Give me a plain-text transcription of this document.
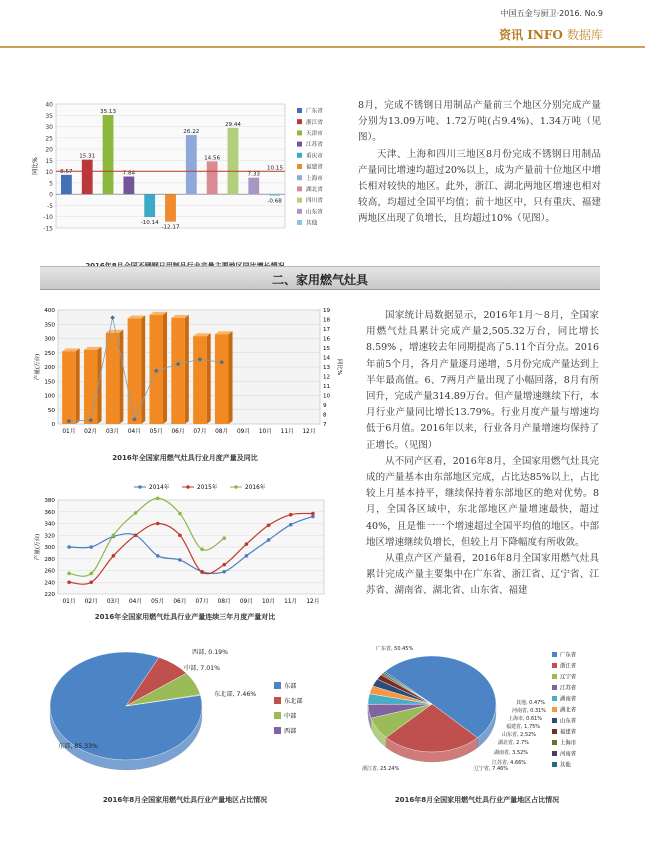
中国五金与厨卫·2016. No.9
资讯 INFO 数据库
-15
-10
-5
0
5
10
15
20
25
30
35
40
同比%	8.57
15.31
35.13
7.84
-10.14
-12.17
26.22
14.56
29.44
7.33
-0.68
10.15
广东省
浙江省
天津市
江苏省
重庆市
福建省
上海市
湖北省
四川省
山东省
其他

8月，完成不锈钢日用制品产量前三个地区分别完成产量分别为13.09万吨、1.72万吨(占9.4%)、1.34万吨（见图）。

天津、上海和四川三地区8月份完成不锈钢日用制品产量同比增速均超过20%以上，成为产量前十位地区中增长相对较快的地区。此外，浙江、湖北两地区增速也相对较高，均超过全国平均值；前十地区中，只有重庆、福建两地区出现了负增长，且均超过10%（见图）。

二、家用燃气灶具
0
50
100
150
200
250
300
350
400
7
8
9
10
11
12
13
14
15
16
17
18
19
产量(万台)	同比%
01月 02月 03月 04月 05月 06月 07月 08月 09月 10月 11月 12月
2016年全国家用燃气灶具行业月度产量及同比
220
240
260
280
300
320
340
360
380
产量(万台)
01月 02月 03月 04月 05月 06月 07月 08月 09月 10月 11月 12月
2014年	2015年	2016年
2016年全国家用燃气灶具行业产量连续三年月度产量对比

国家统计局数据显示，2016年1月～8月，全国家用燃气灶具累计完成产量2,505.32万台，同比增长8.59% ，增速较去年同期提高了5.11个百分点。2016年前5个月，各月产量逐月递增，5月份完成产量达到上半年最高值。6、7两月产量出现了小幅回落，8月有所回升，完成产量314.89万台。但产量增速继续下行，本月行业产量同比增长13.79%。行业月度产量与增速均低于6月值。2016年以来，行业各月产量增速均保持了正增长。（见图）

从不同产区看，2016年8月，全国家用燃气灶具完成的产量基本由东部地区完成，占比达85%以上，占比较上月基本持平，继续保持着东部地区的绝对优势。8月，全国各区域中，东北部地区产量增速最快，超过40%，且是惟一一个增速超过全国平均值的地区。中部地区增速继续负增长，但较上月下降幅度有所收敛。

从重点产区产量看，2016年8月全国家用燃气灶具累计完成产量主要集中在广东省、浙江省、辽宁省、江苏省、湖南省、湖北省、山东省、福建

东部, 85.33%
东北部, 7.46%
中部, 7.01%
西部, 0.19%
东部
东北部
中部
西部
2016年8月全国家用燃气灶具行业产量地区占比情况
广东省, 50.45%
广东省
浙江省, 25.24%
浙江省
辽宁省, 7.46%
辽宁省
江苏省, 4.66%
江苏省
湖南省, 3.52%
湖南省
湖北省, 2.7%
湖北省
山东省, 2.52%
山东省
福建省, 1.75%
福建省
上海市, 0.61%
上海市
河南省, 0.31%
河南省
其他, 0.47%
其他
2016年8月全国家用燃气灶具行业产量地区占比情况
